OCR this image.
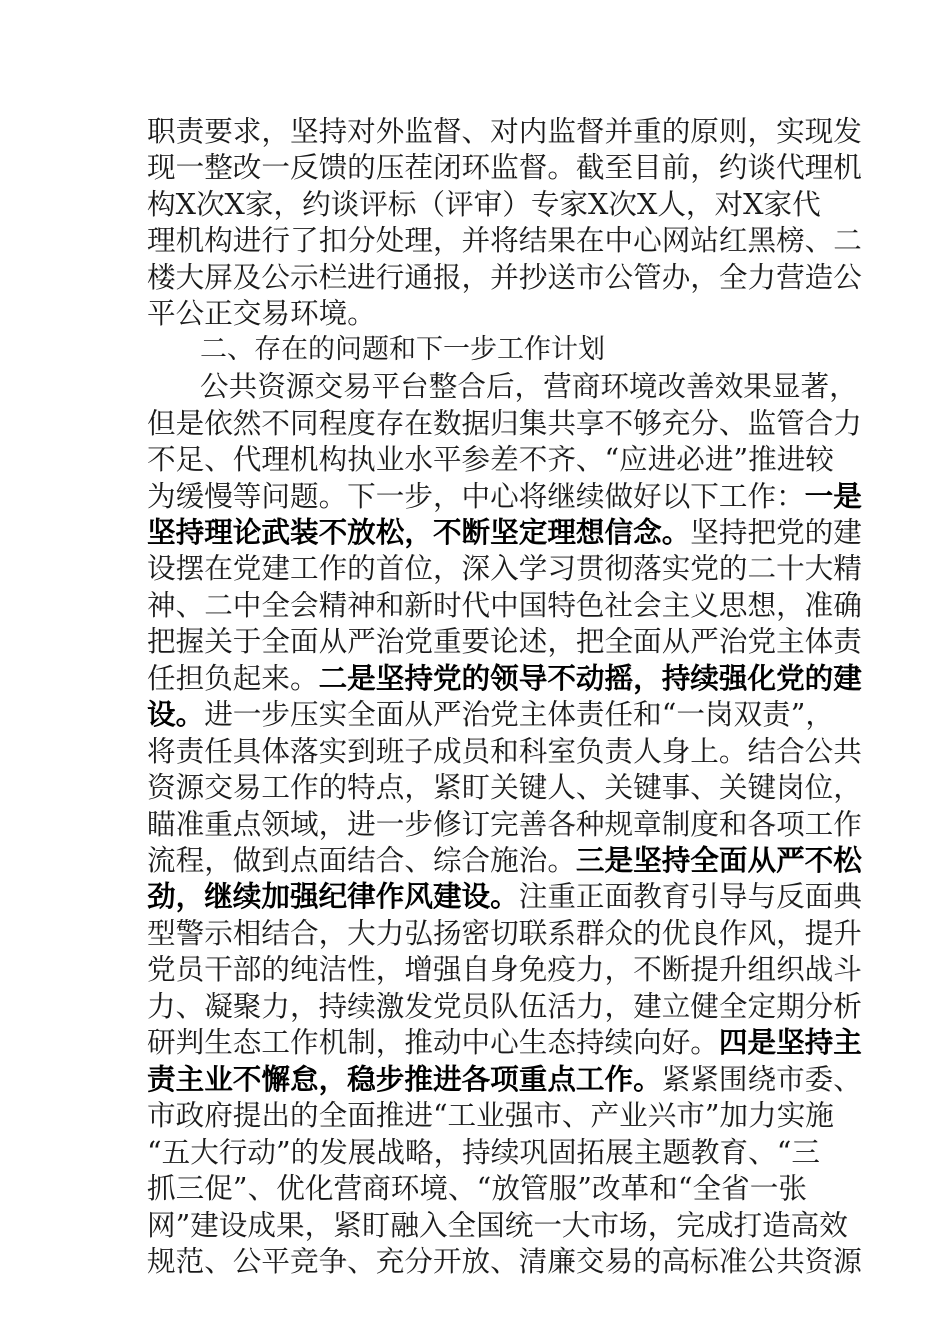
职责要求，坚持对外监督、对内监督并重的原则，实现发
现一整改一反馈的压茬闭环监督。截至目前，约谈代理机
构X次X家，约谈评标（评审）专家X次X人，对X家代
理机构进行了扣分处理，并将结果在中心网站红黑榜、二
楼大屏及公示栏进行通报，并抄送市公管办，全力营造公
平公正交易环境。
二、存在的问题和下一步工作计划
公共资源交易平台整合后，营商环境改善效果显著，
但是依然不同程度存在数据归集共享不够充分、监管合力
不足、代理机构执业水平参差不齐、“应进必进”推进较
为缓慢等问题。下一步，中心将继续做好以下工作：一是
坚持理论武装不放松，不断坚定理想信念。坚持把党的建
设摆在党建工作的首位，深入学习贯彻落实党的二十大精
神、二中全会精神和新时代中国特色社会主义思想，准确
把握关于全面从严治党重要论述，把全面从严治党主体责
任担负起来。二是坚持党的领导不动摇，持续强化党的建
设。进一步压实全面从严治党主体责任和“一岗双责”，
将责任具体落实到班子成员和科室负责人身上。结合公共
资源交易工作的特点，紧盯关键人、关键事、关键岗位，
瞄准重点领域，进一步修订完善各种规章制度和各项工作
流程，做到点面结合、综合施治。三是坚持全面从严不松
劲，继续加强纪律作风建设。注重正面教育引导与反面典
型警示相结合，大力弘扬密切联系群众的优良作风，提升
党员干部的纯洁性，增强自身免疫力，不断提升组织战斗
力、凝聚力，持续激发党员队伍活力，建立健全定期分析
研判生态工作机制，推动中心生态持续向好。四是坚持主
责主业不懈怠，稳步推进各项重点工作。紧紧围绕市委、
市政府提出的全面推进“工业强市、产业兴市”加力实施
“五大行动”的发展战略，持续巩固拓展主题教育、“三
抓三促”、优化营商环境、“放管服”改革和“全省一张
网”建设成果，紧盯融入全国统一大市场，完成打造高效
规范、公平竞争、充分开放、清廉交易的高标准公共资源
